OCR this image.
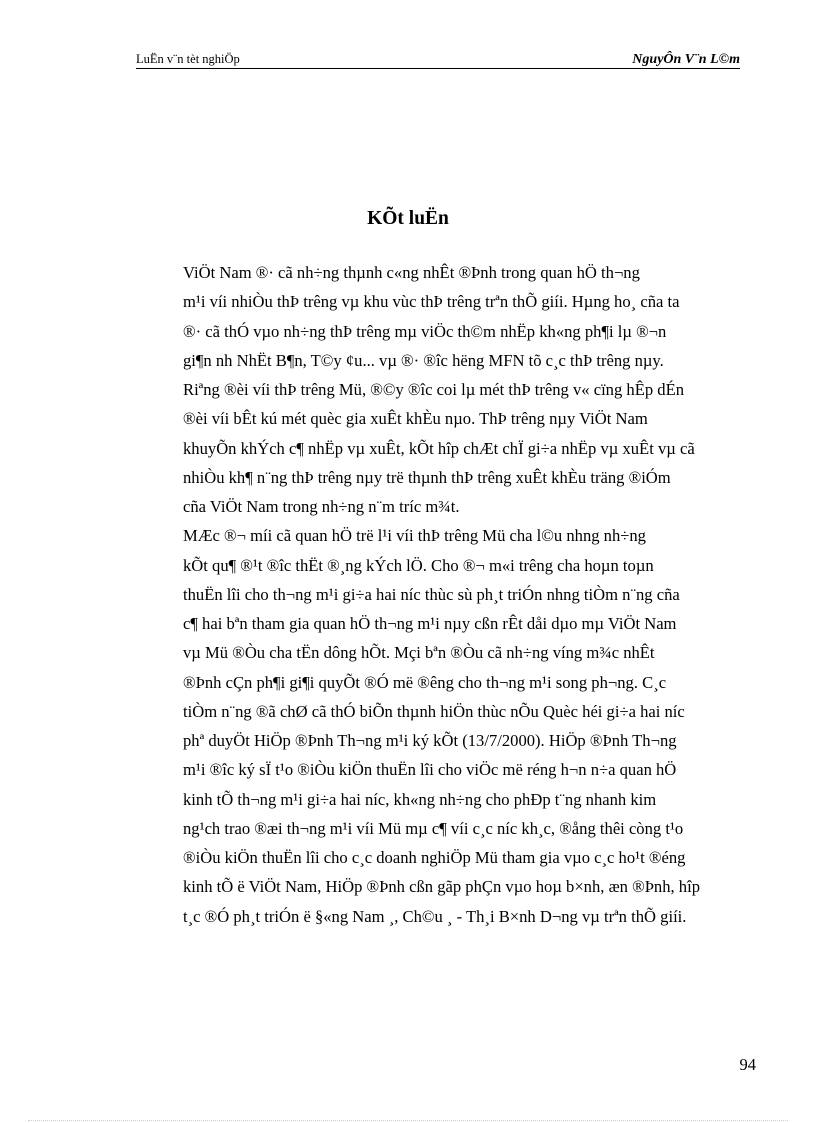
LuËn v¨n tèt nghiÖp	NguyÔn V¨n L©m
KÕt luËn

ViÖt Nam ®· cã nh÷ng thµnh c«ng nhÊt ®Þnh trong quan hÖ th¬ng
m¹i víi nhiÒu thÞ trêng vµ khu vùc thÞ trêng trªn thÕ giíi. Hµng ho¸ cña ta
®· cã thÓ vµo nh÷ng thÞ trêng mµ viÖc th©m nhËp kh«ng ph¶i lµ ®¬n
gi¶n nh NhËt B¶n, T©y ¢u... vµ ®· ®îc hëng MFN tõ c¸c thÞ trêng nµy.
Riªng ®èi víi thÞ trêng Mü, ®©y ®îc coi lµ mét thÞ trêng v« cïng hÊp dÉn
®èi víi bÊt kú mét quèc gia xuÊt khÈu nµo. ThÞ trêng nµy ViÖt Nam
khuyÕn khÝch c¶ nhËp vµ xuÊt, kÕt hîp chÆt chÏ gi÷a nhËp vµ xuÊt vµ cã
nhiÒu kh¶ n¨ng thÞ trêng nµy trë thµnh thÞ trêng xuÊt khÈu träng ®iÓm
cña ViÖt Nam trong nh÷ng n¨m tríc m¾t.

MÆc ®¬ míi cã quan hÖ trë l¹i víi thÞ trêng Mü cha l©u nhng nh÷ng
kÕt qu¶ ®¹t ®îc thËt ®¸ng kÝch lÖ. Cho ®¬ m«i trêng cha hoµn toµn
thuËn lîi cho th¬ng m¹i gi÷a hai níc thùc sù ph¸t triÓn nhng tiÒm n¨ng cña
c¶ hai bªn tham gia quan hÖ th¬ng m¹i nµy cßn rÊt dåi dµo mµ ViÖt Nam
vµ Mü ®Òu cha tËn dông hÕt. Mçi bªn ®Òu cã nh÷ng víng m¾c nhÊt
®Þnh cÇn ph¶i gi¶i quyÕt ®Ó më ®êng cho th¬ng m¹i song ph¬ng. C¸c
tiÒm n¨ng ®ã chØ cã thÓ biÕn thµnh hiÖn thùc nÕu Quèc héi gi÷a hai níc
phª duyÖt HiÖp ®Þnh Th¬ng m¹i ký kÕt (13/7/2000). HiÖp ®Þnh Th¬ng
m¹i ®îc ký sÏ t¹o ®iÒu kiÖn thuËn lîi cho viÖc më réng h¬n n÷a quan hÖ
kinh tÕ th¬ng m¹i gi÷a hai níc, kh«ng nh÷ng cho phÐp t¨ng nhanh kim
ng¹ch trao ®æi th¬ng m¹i víi Mü mµ c¶ víi c¸c níc kh¸c, ®ång thêi còng t¹o
®iÒu kiÖn thuËn lîi cho c¸c doanh nghiÖp Mü tham gia vµo c¸c ho¹t ®éng
kinh tÕ ë ViÖt Nam, HiÖp ®Þnh cßn gãp phÇn vµo hoµ b×nh, æn ®Þnh, hîp
t¸c ®Ó ph¸t triÓn ë §«ng Nam ¸, Ch©u ¸ - Th¸i B×nh D¬ng vµ trªn thÕ giíi.

94
